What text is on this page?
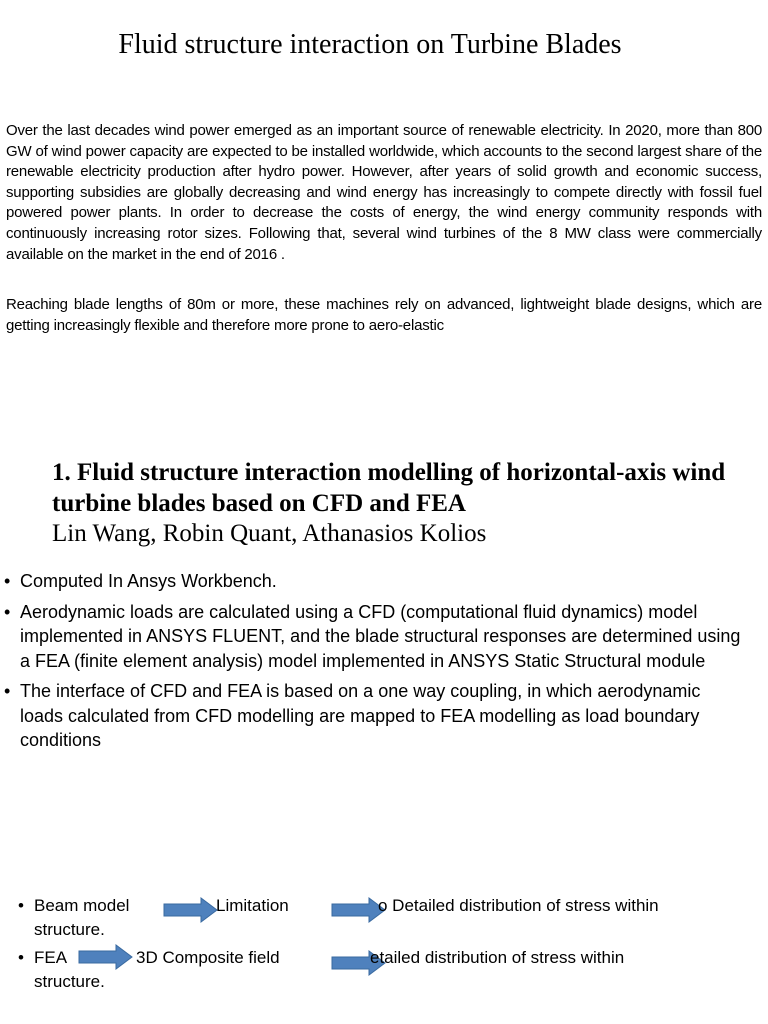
Fluid structure interaction on Turbine Blades

Over the last decades wind power emerged as an important source of renewable electricity. In 2020, more than 800 GW of wind power capacity are expected to be installed worldwide, which accounts to the second largest share of the renewable electricity production after hydro power. However, after years of solid growth and economic success, supporting subsidies are globally decreasing and wind energy has increasingly to compete directly with fossil fuel powered power plants. In order to decrease the costs of energy, the wind energy community responds with continuously increasing rotor sizes. Following that, several wind turbines of the 8 MW class were commercially available on the market in the end of 2016 .

Reaching blade lengths of 80m or more, these machines rely on advanced, lightweight blade designs, which are getting increasingly flexible and therefore more prone to aero-elastic

1. Fluid structure interaction modelling of horizontal-axis wind turbine blades based on CFD and FEA

Lin Wang, Robin Quant, Athanasios Kolios

• Computed In Ansys Workbench.
• Aerodynamic loads are calculated using a CFD (computational fluid dynamics) model implemented in ANSYS FLUENT, and the blade structural responses are determined using a FEA (finite element analysis) model implemented in ANSYS Static Structural module
• The interface of CFD and FEA is based on a one way coupling, in which aerodynamic loads calculated from CFD modelling are mapped to FEA modelling as load boundary conditions
• Beam model
structure.
Limitation	o Detailed distribution of stress within
• FEA
structure.
3D Composite field	etailed distribution of stress within
